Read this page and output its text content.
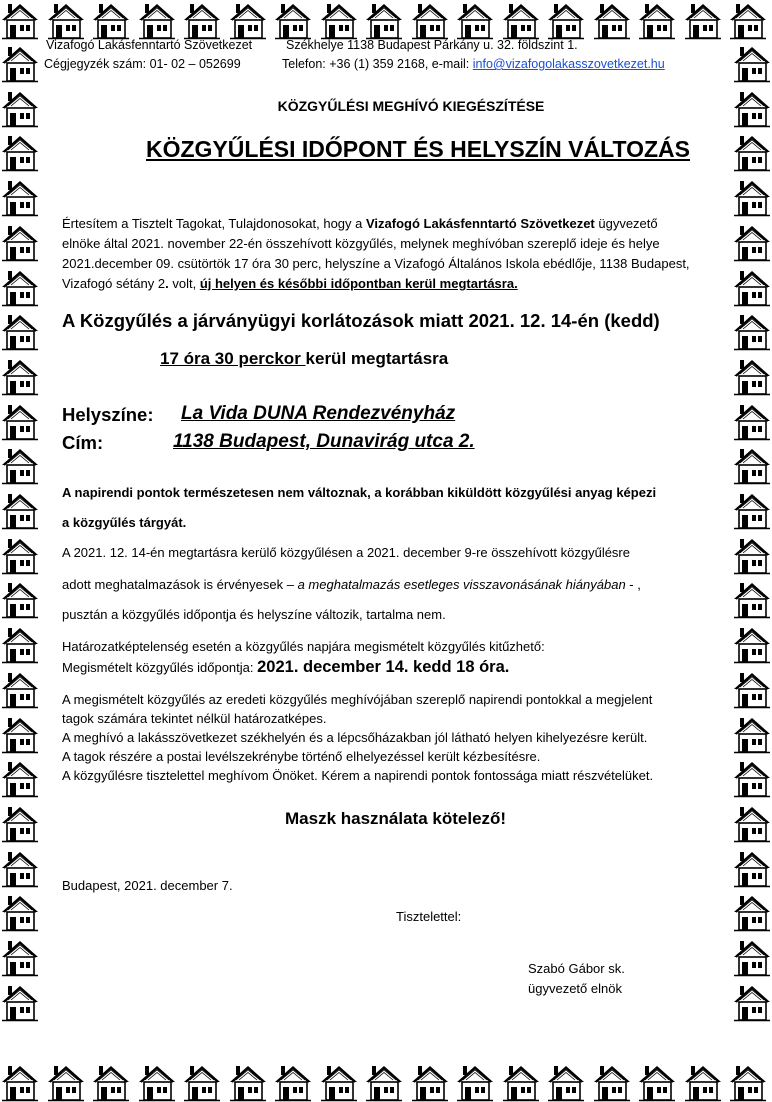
Vizafogó Lakásfenntartó Szövetkezet	Székhelye 1138 Budapest Párkány u. 32. földszint 1.
Cégjegyzék szám: 01- 02 – 052699	Telefon: +36 (1) 359 2168, e-mail: info@vizafogolakasszovetkezet.hu
KÖZGYŰLÉSI MEGHÍVÓ KIEGÉSZÍTÉSE
KÖZGYŰLÉSI IDŐPONT ÉS HELYSZÍN VÁLTOZÁS
Értesítem a Tisztelt Tagokat, Tulajdonosokat, hogy a Vizafogó Lakásfenntartó Szövetkezet ügyvezető
elnöke által 2021. november 22-én összehívott közgyűlés, melynek meghívóban szereplő ideje és helye
2021.december 09. csütörtök 17 óra 30 perc, helyszíne a Vizafogó Általános Iskola ebédlője, 1138 Budapest,
Vizafogó sétány 2. volt, új helyen és későbbi időpontban kerül megtartásra.
A Közgyűlés a járványügyi korlátozások miatt 2021. 12. 14-én (kedd)
17 óra 30 perckor kerül megtartásra
Helyszíne: La Vida DUNA Rendezvényház
Cím:	1138 Budapest, Dunavirág utca 2.
A napirendi pontok természetesen nem változnak, a korábban kiküldött közgyűlési anyag képezi
a közgyűlés tárgyát.
A 2021. 12. 14-én megtartásra kerülő közgyűlésen a 2021. december 9-re összehívott közgyűlésre
adott meghatalmazások is érvényesek – a meghatalmazás esetleges visszavonásának hiányában - ,
pusztán a közgyűlés időpontja és helyszíne változik, tartalma nem.
Határozatképtelenség esetén a közgyűlés napjára megismételt közgyűlés kitűzhető:
Megismételt közgyűlés időpontja: 2021. december 14. kedd 18 óra.
A megismételt közgyűlés az eredeti közgyűlés meghívójában szereplő napirendi pontokkal a megjelent
tagok számára tekintet nélkül határozatképes.
A meghívó a lakásszövetkezet székhelyén és a lépcsőházakban jól látható helyen kihelyezésre került.
A tagok részére a postai levélszekrénybe történő elhelyezéssel került kézbesítésre.
A közgyűlésre tisztelettel meghívom Önöket. Kérem a napirendi pontok fontossága miatt részvételüket.
Maszk használata kötelező!
Budapest, 2021. december 7.
Tisztelettel:
Szabó Gábor sk.
ügyvezető elnök
